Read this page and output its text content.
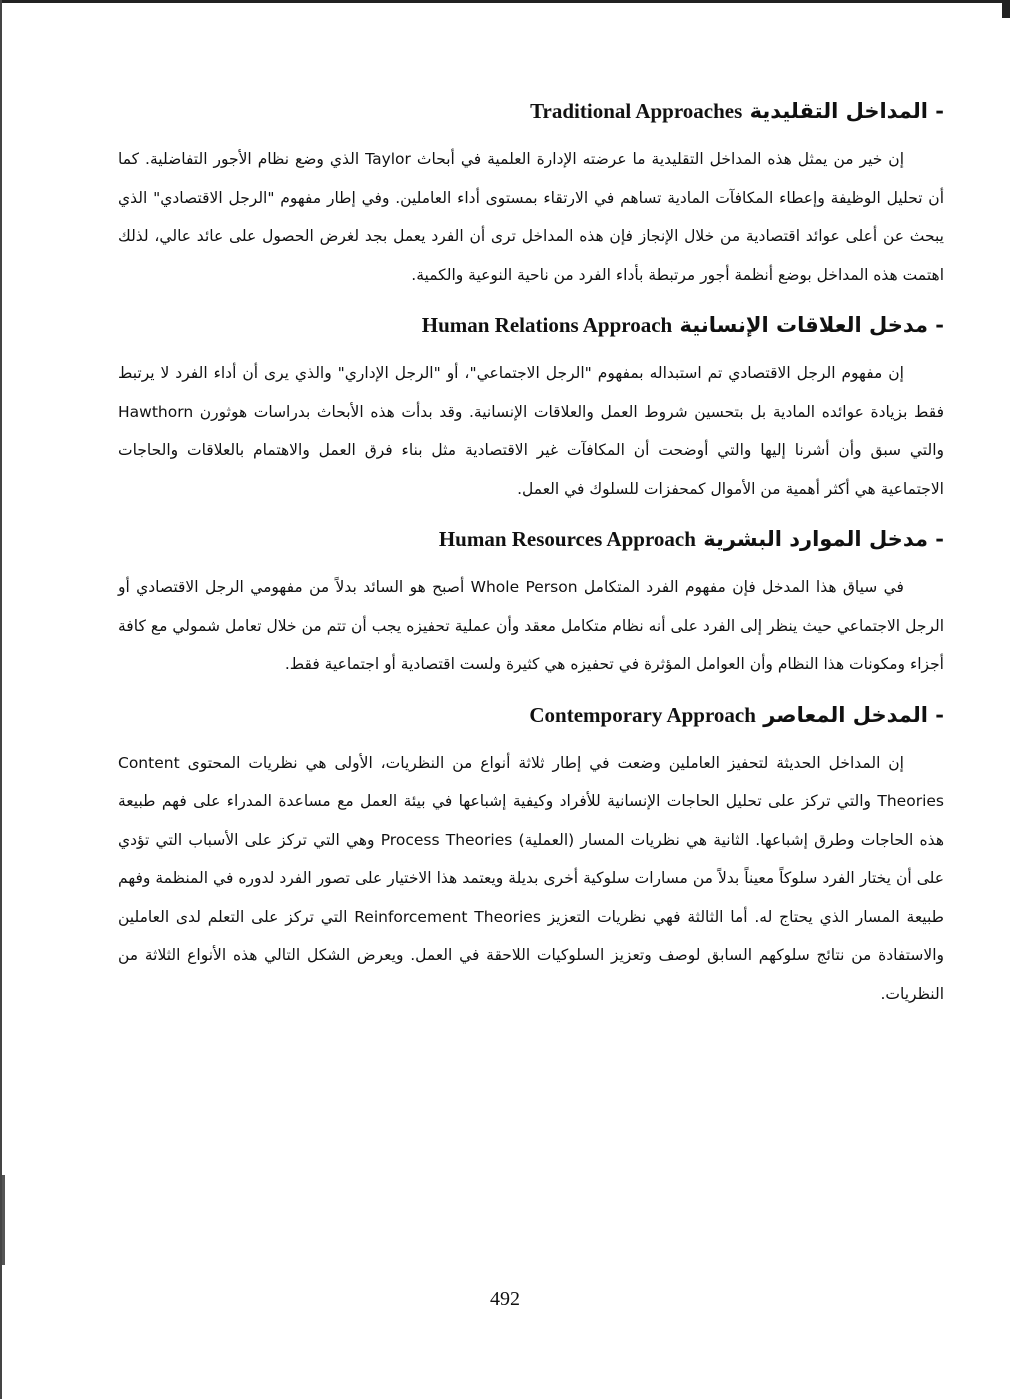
- المداخل التقليدية Traditional Approaches

إن خير من يمثل هذه المداخل التقليدية ما عرضته الإدارة العلمية في أبحاث Taylor الذي وضع نظام الأجور التفاضلية. كما أن تحليل الوظيفة وإعطاء المكافآت المادية تساهم في الارتقاء بمستوى أداء العاملين. وفي إطار مفهوم "الرجل الاقتصادي" الذي يبحث عن أعلى عوائد اقتصادية من خلال الإنجاز فإن هذه المداخل ترى أن الفرد يعمل بجد لغرض الحصول على عائد عالي، لذلك اهتمت هذه المداخل بوضع أنظمة أجور مرتبطة بأداء الفرد من ناحية النوعية والكمية.

- مدخل العلاقات الإنسانية Human Relations Approach

إن مفهوم الرجل الاقتصادي تم استبداله بمفهوم "الرجل الاجتماعي"، أو "الرجل الإداري" والذي يرى أن أداء الفرد لا يرتبط فقط بزيادة عوائده المادية بل بتحسين شروط العمل والعلاقات الإنسانية. وقد بدأت هذه الأبحاث بدراسات هوثورن Hawthorn والتي سبق وأن أشرنا إليها والتي أوضحت أن المكافآت غير الاقتصادية مثل بناء فرق العمل والاهتمام بالعلاقات والحاجات الاجتماعية هي أكثر أهمية من الأموال كمحفزات للسلوك في العمل.

- مدخل الموارد البشرية Human Resources Approach

في سياق هذا المدخل فإن مفهوم الفرد المتكامل Whole Person أصبح هو السائد بدلاً من مفهومي الرجل الاقتصادي أو الرجل الاجتماعي حيث ينظر إلى الفرد على أنه نظام متكامل معقد وأن عملية تحفيزه يجب أن تتم من خلال تعامل شمولي مع كافة أجزاء ومكونات هذا النظام وأن العوامل المؤثرة في تحفيزه هي كثيرة ولست اقتصادية أو اجتماعية فقط.

- المدخل المعاصر Contemporary Approach

إن المداخل الحديثة لتحفيز العاملين وضعت في إطار ثلاثة أنواع من النظريات، الأولى هي نظريات المحتوى Content Theories والتي تركز على تحليل الحاجات الإنسانية للأفراد وكيفية إشباعها في بيئة العمل مع مساعدة المدراء على فهم طبيعة هذه الحاجات وطرق إشباعها. الثانية هي نظريات المسار (العملية) Process Theories وهي التي تركز على الأسباب التي تؤدي على أن يختار الفرد سلوكاً معيناً بدلاً من مسارات سلوكية أخرى بديلة ويعتمد هذا الاختيار على تصور الفرد لدوره في المنظمة وفهم طبيعة المسار الذي يحتاج له. أما الثالثة فهي نظريات التعزيز Reinforcement Theories التي تركز على التعلم لدى العاملين والاستفادة من نتائج سلوكهم السابق لوصف وتعزيز السلوكيات اللاحقة في العمل. ويعرض الشكل التالي هذه الأنواع الثلاثة من النظريات.

492
